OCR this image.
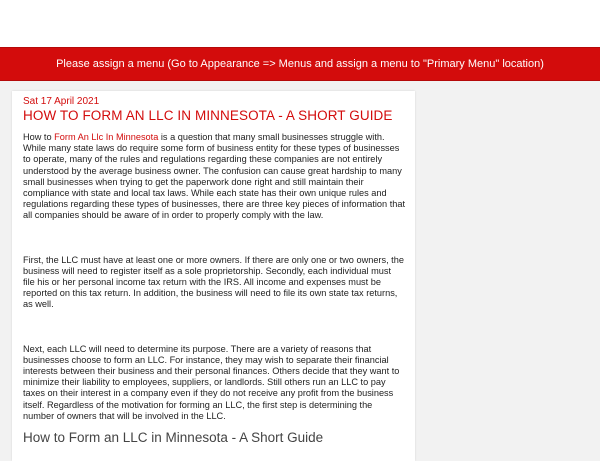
Please assign a menu (Go to Appearance => Menus and assign a menu to "Primary Menu" location)
Sat 17 April 2021
HOW TO FORM AN LLC IN MINNESOTA - A SHORT GUIDE

How to Form An Llc In Minnesota is a question that many small businesses struggle with. While many state laws do require some form of business entity for these types of businesses to operate, many of the rules and regulations regarding these companies are not entirely understood by the average business owner. The confusion can cause great hardship to many small businesses when trying to get the paperwork done right and still maintain their compliance with state and local tax laws. While each state has their own unique rules and regulations regarding these types of businesses, there are three key pieces of information that all companies should be aware of in order to properly comply with the law.

First, the LLC must have at least one or more owners. If there are only one or two owners, the business will need to register itself as a sole proprietorship. Secondly, each individual must file his or her personal income tax return with the IRS. All income and expenses must be reported on this tax return. In addition, the business will need to file its own state tax returns, as well.

Next, each LLC will need to determine its purpose. There are a variety of reasons that businesses choose to form an LLC. For instance, they may wish to separate their financial interests between their business and their personal finances. Others decide that they want to minimize their liability to employees, suppliers, or landlords. Still others run an LLC to pay taxes on their interest in a company even if they do not receive any profit from the business itself. Regardless of the motivation for forming an LLC, the first step is determining the number of owners that will be involved in the LLC.

How to Form an LLC in Minnesota - A Short Guide
